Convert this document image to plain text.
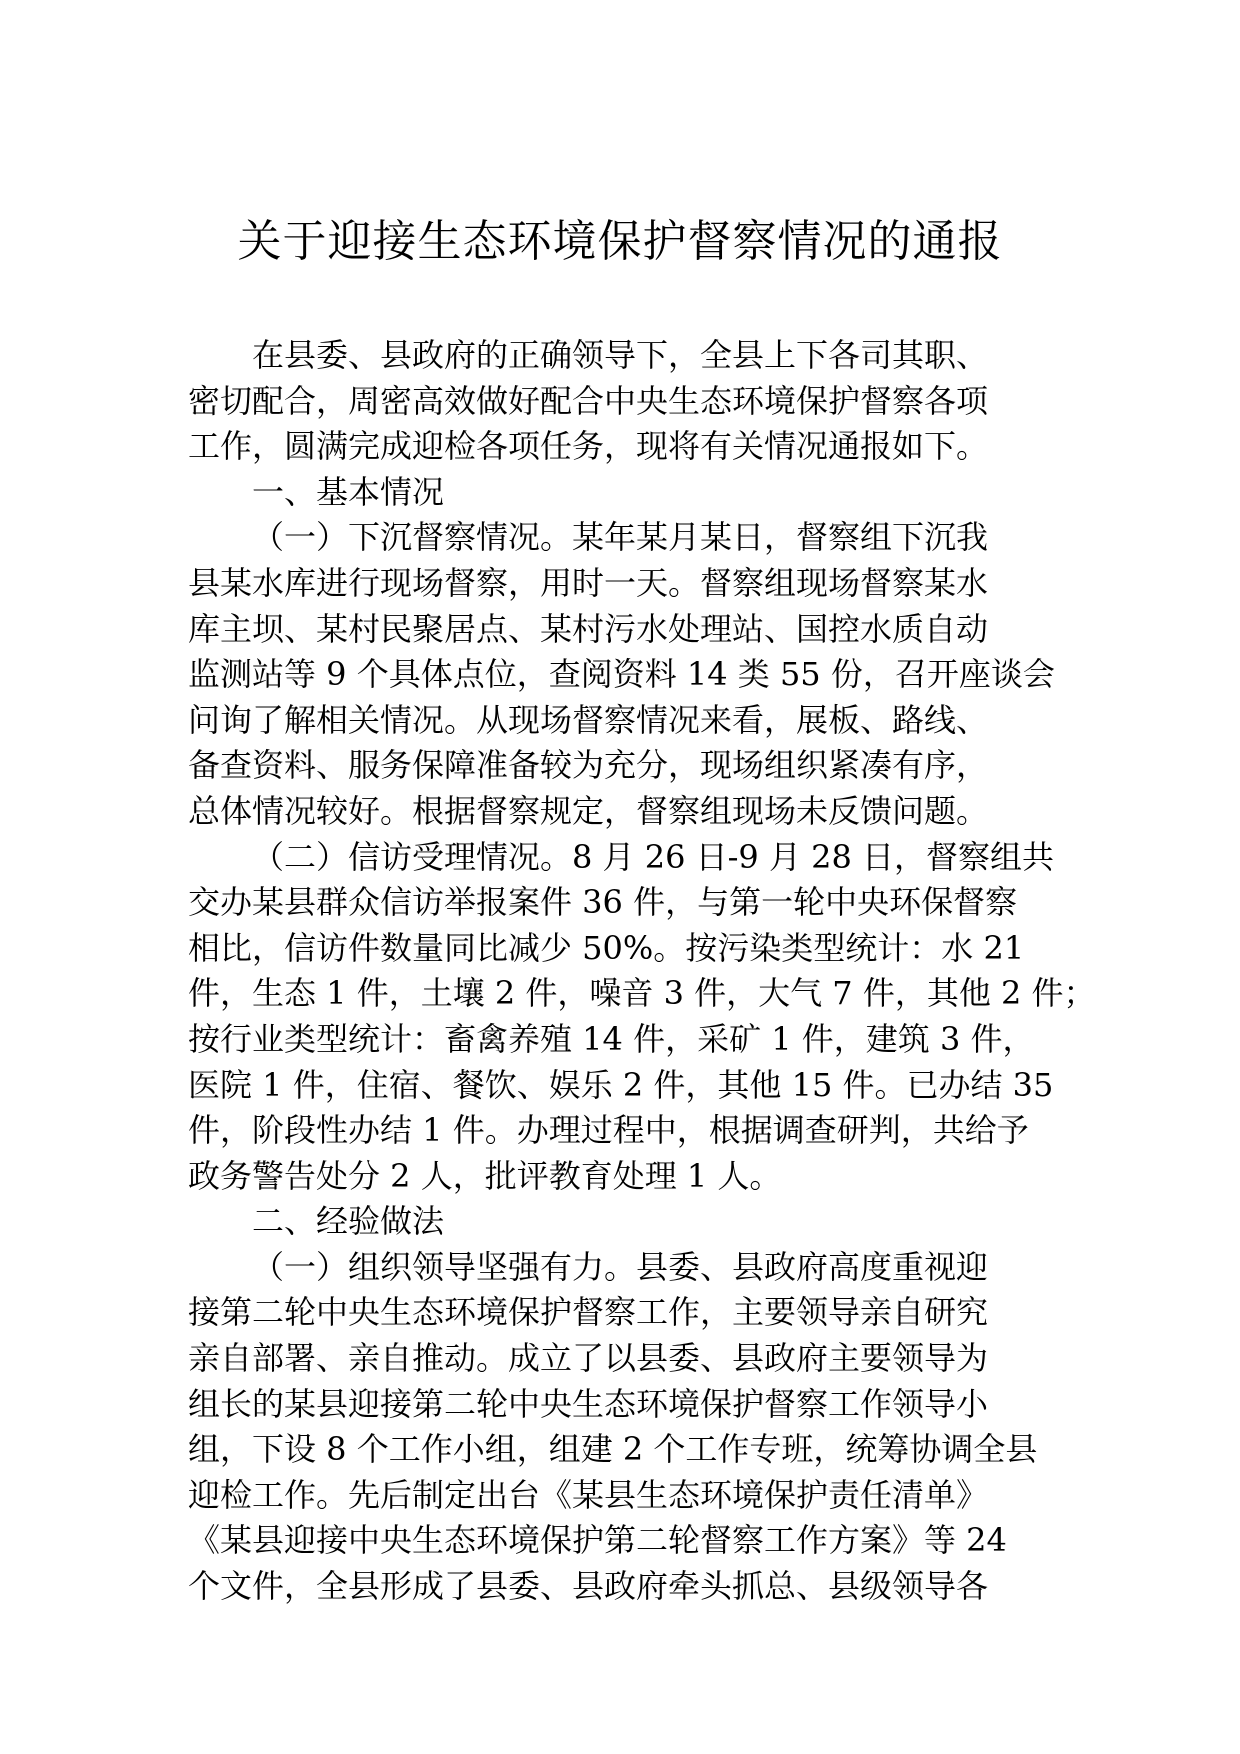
关于迎接生态环境保护督察情况的通报
在县委、县政府的正确领导下，全县上下各司其职、
密切配合，周密高效做好配合中央生态环境保护督察各项
工作，圆满完成迎检各项任务，现将有关情况通报如下。
一、基本情况
（一）下沉督察情况。某年某月某日，督察组下沉我
县某水库进行现场督察，用时一天。督察组现场督察某水
库主坝、某村民聚居点、某村污水处理站、国控水质自动
监测站等 9 个具体点位，查阅资料 14 类 55 份，召开座谈会
问询了解相关情况。从现场督察情况来看，展板、路线、
备查资料、服务保障准备较为充分，现场组织紧凑有序，
总体情况较好。根据督察规定，督察组现场未反馈问题。
（二）信访受理情况。8 月 26 日-9 月 28 日，督察组共
交办某县群众信访举报案件 36 件，与第一轮中央环保督察
相比，信访件数量同比减少 50%。按污染类型统计：水 21
件，生态 1 件，土壤 2 件，噪音 3 件，大气 7 件，其他 2 件；
按行业类型统计：畜禽养殖 14 件，采矿 1 件，建筑 3 件，
医院 1 件，住宿、餐饮、娱乐 2 件，其他 15 件。已办结 35
件，阶段性办结 1 件。办理过程中，根据调查研判，共给予
政务警告处分 2 人，批评教育处理 1 人。
二、经验做法
（一）组织领导坚强有力。县委、县政府高度重视迎
接第二轮中央生态环境保护督察工作，主要领导亲自研究
亲自部署、亲自推动。成立了以县委、县政府主要领导为
组长的某县迎接第二轮中央生态环境保护督察工作领导小
组，下设 8 个工作小组，组建 2 个工作专班，统筹协调全县
迎检工作。先后制定出台《某县生态环境保护责任清单》
《某县迎接中央生态环境保护第二轮督察工作方案》等 24
个文件，全县形成了县委、县政府牵头抓总、县级领导各
